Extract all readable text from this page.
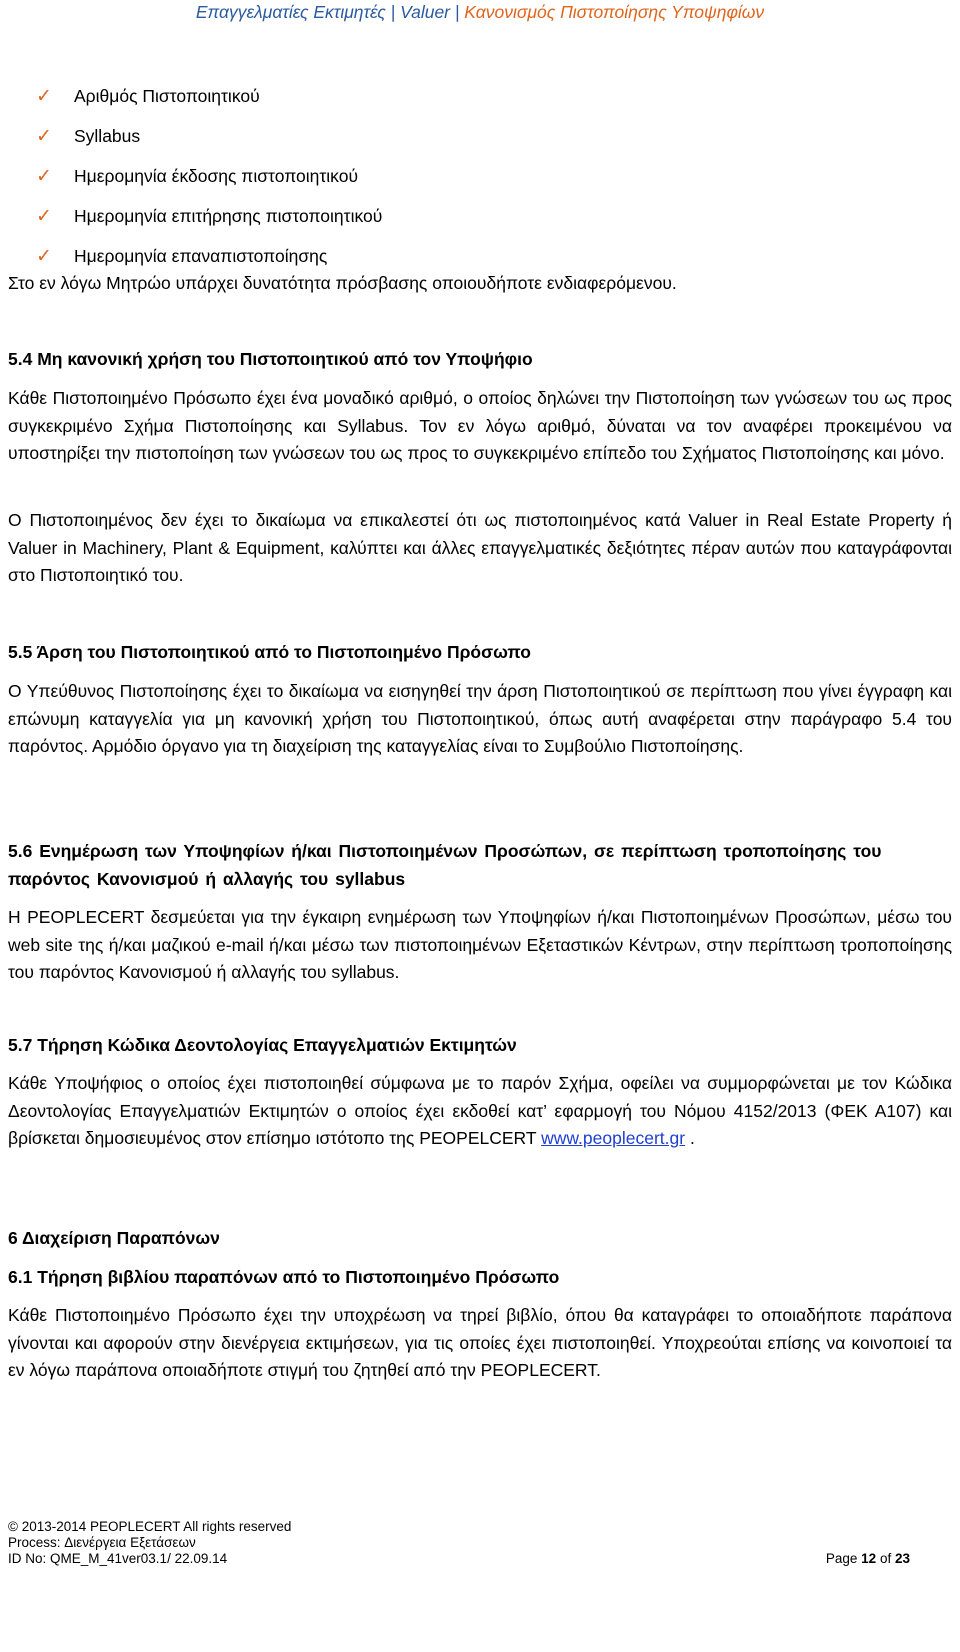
Επαγγελματίες Εκτιμητές | Valuer | Κανονισμός Πιστοποίησης Υποψηφίων
✓	Αριθμός Πιστοποιητικού
✓	Syllabus
✓	Ημερομηνία έκδοσης πιστοποιητικού
✓	Ημερομηνία επιτήρησης πιστοποιητικού
✓	Ημερομηνία επαναπιστοποίησης

Στο εν λόγω Μητρώο υπάρχει δυνατότητα πρόσβασης οποιουδήποτε ενδιαφερόμενου.

5.4 Μη κανονική χρήση του Πιστοποιητικού από τον Υποψήφιο

Κάθε Πιστοποιημένο Πρόσωπο έχει ένα μοναδικό αριθμό, ο οποίος δηλώνει την Πιστοποίηση των γνώσεων του ως προς συγκεκριμένο Σχήμα Πιστοποίησης και Syllabus. Τον εν λόγω αριθμό, δύναται να τον αναφέρει προκειμένου να υποστηρίξει την πιστοποίηση των γνώσεων του ως προς το συγκεκριμένο επίπεδο του Σχήματος Πιστοποίησης και μόνο.

Ο Πιστοποιημένος δεν έχει το δικαίωμα να επικαλεστεί ότι ως πιστοποιημένος κατά Valuer in Real Estate Property ή Valuer in Machinery, Plant & Equipment, καλύπτει και άλλες επαγγελματικές δεξιότητες πέραν αυτών που καταγράφονται στο Πιστοποιητικό του.

5.5 Άρση του Πιστοποιητικού από το Πιστοποιημένο Πρόσωπο

Ο Υπεύθυνος Πιστοποίησης έχει το δικαίωμα να εισηγηθεί την άρση Πιστοποιητικού σε περίπτωση που γίνει έγγραφη και επώνυμη καταγγελία για μη κανονική χρήση του Πιστοποιητικού, όπως αυτή αναφέρεται στην παράγραφο 5.4 του παρόντος. Αρμόδιο όργανο για τη διαχείριση της καταγγελίας είναι το Συμβούλιο Πιστοποίησης.

5.6 Ενημέρωση των Υποψηφίων ή/και Πιστοποιημένων Προσώπων, σε περίπτωση τροποποίησης του παρόντος Κανονισμού ή αλλαγής του syllabus

Η PEOPLECERT δεσμεύεται για την έγκαιρη ενημέρωση των Υποψηφίων ή/και Πιστοποιημένων Προσώπων, μέσω του web site της ή/και μαζικού e-mail ή/και μέσω των πιστοποιημένων Εξεταστικών Κέντρων, στην περίπτωση τροποποίησης του παρόντος Κανονισμού ή αλλαγής του syllabus.

5.7 Τήρηση Κώδικα Δεοντολογίας Επαγγελματιών Εκτιμητών

Κάθε Υποψήφιος ο οποίος έχει πιστοποιηθεί σύμφωνα με το παρόν Σχήμα, οφείλει να συμμορφώνεται με τον Κώδικα Δεοντολογίας Επαγγελματιών Εκτιμητών ο οποίος έχει εκδοθεί κατ’ εφαρμογή του Νόμου 4152/2013 (ΦΕΚ Α107) και βρίσκεται δημοσιευμένος στον επίσημο ιστότοπο της PEOPELCERT www.peoplecert.gr .

6 Διαχείριση Παραπόνων

6.1 Τήρηση βιβλίου παραπόνων από το Πιστοποιημένο Πρόσωπο

Κάθε Πιστοποιημένο Πρόσωπο έχει την υποχρέωση να τηρεί βιβλίο, όπου θα καταγράφει το οποιαδήποτε παράπονα γίνονται και αφορούν στην διενέργεια εκτιμήσεων, για τις οποίες έχει πιστοποιηθεί. Υποχρεούται επίσης να κοινοποιεί τα εν λόγω παράπονα οποιαδήποτε στιγμή του ζητηθεί από την PEOPLECERT.

© 2013-2014 PEOPLECERT All rights reserved
Process: Διενέργεια Εξετάσεων
ID No: QME_M_41ver03.1/ 22.09.14	Page 12 of 23
